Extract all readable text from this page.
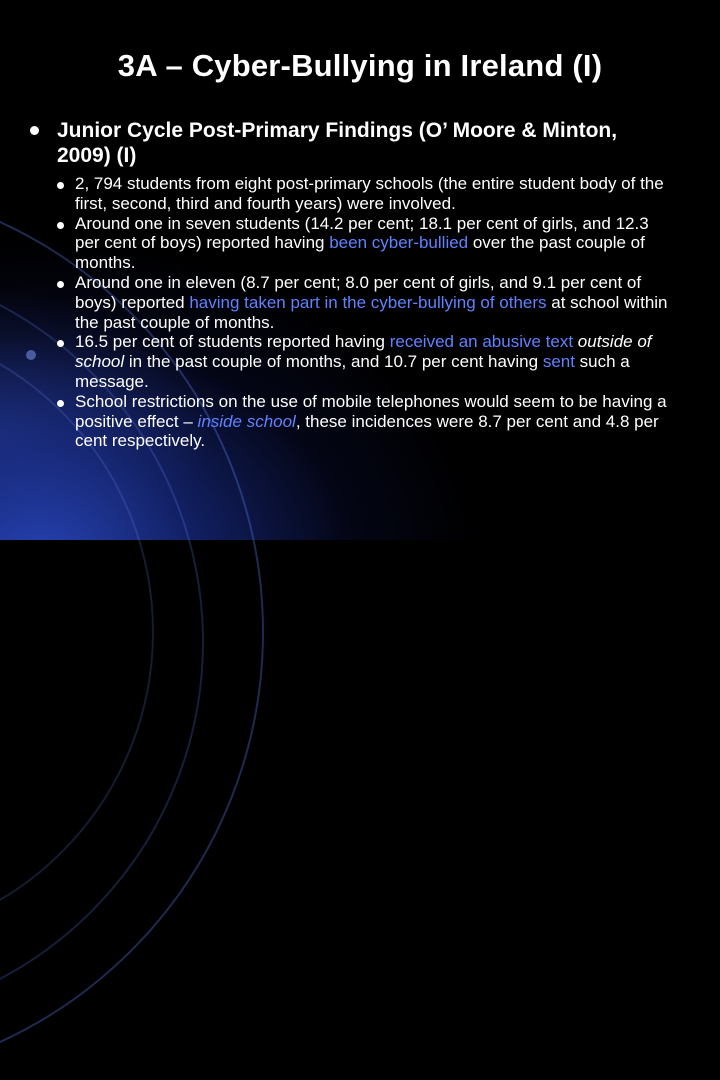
3A – Cyber-Bullying in Ireland (I)
Junior Cycle Post-Primary Findings (O’ Moore & Minton, 2009) (I)
2, 794 students from eight post-primary schools (the entire student body of the first, second, third and fourth years) were involved.
Around one in seven students (14.2 per cent; 18.1 per cent of girls, and 12.3 per cent of boys) reported having been cyber-bullied over the past couple of months.
Around one in eleven (8.7 per cent; 8.0 per cent of girls, and 9.1 per cent of boys) reported having taken part in the cyber-bullying of others at school within the past couple of months.
16.5 per cent of students reported having received an abusive text outside of school in the past couple of months, and 10.7 per cent having sent such a message.
School restrictions on the use of mobile telephones would seem to be having a positive effect – inside school, these incidences were 8.7 per cent and 4.8 per cent respectively.
